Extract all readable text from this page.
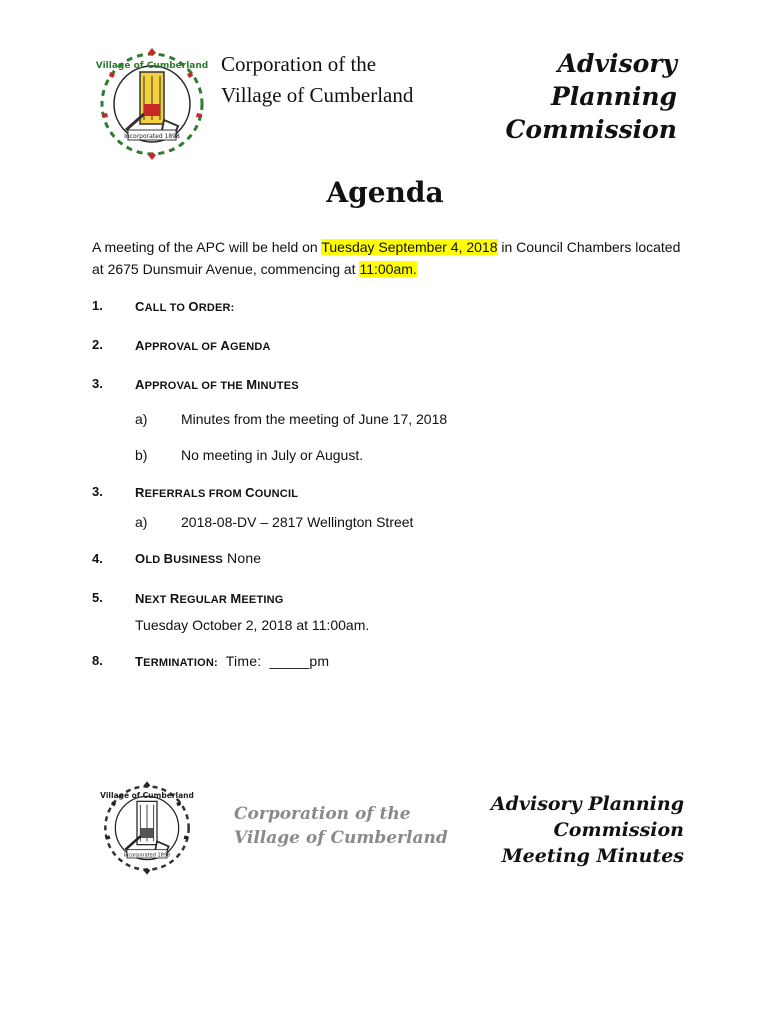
Incorporated 1898
Village of Cumberland Corporation of the
Village of Cumberland
Advisory
Planning
Commission
Agenda
A meeting of the APC will be held on Tuesday September 4, 2018 in Council Chambers located at 2675 Dunsmuir Avenue, commencing at 11:00am.
1. CALL TO ORDER:
2. APPROVAL OF AGENDA
3. APPROVAL OF THE MINUTES
a) Minutes from the meeting of June 17, 2018
b) No meeting in July or August.
3. REFERRALS FROM COUNCIL
a) 2018-08-DV – 2817 Wellington Street
4. OLD BUSINESS None
5. NEXT REGULAR MEETING
Tuesday October 2, 2018 at 11:00am.
8. TERMINATION:  Time:  _____pm
Incorporated 1898
Village of Cumberland
Corporation of the
Village of Cumberland
Advisory Planning
Commission
Meeting Minutes
